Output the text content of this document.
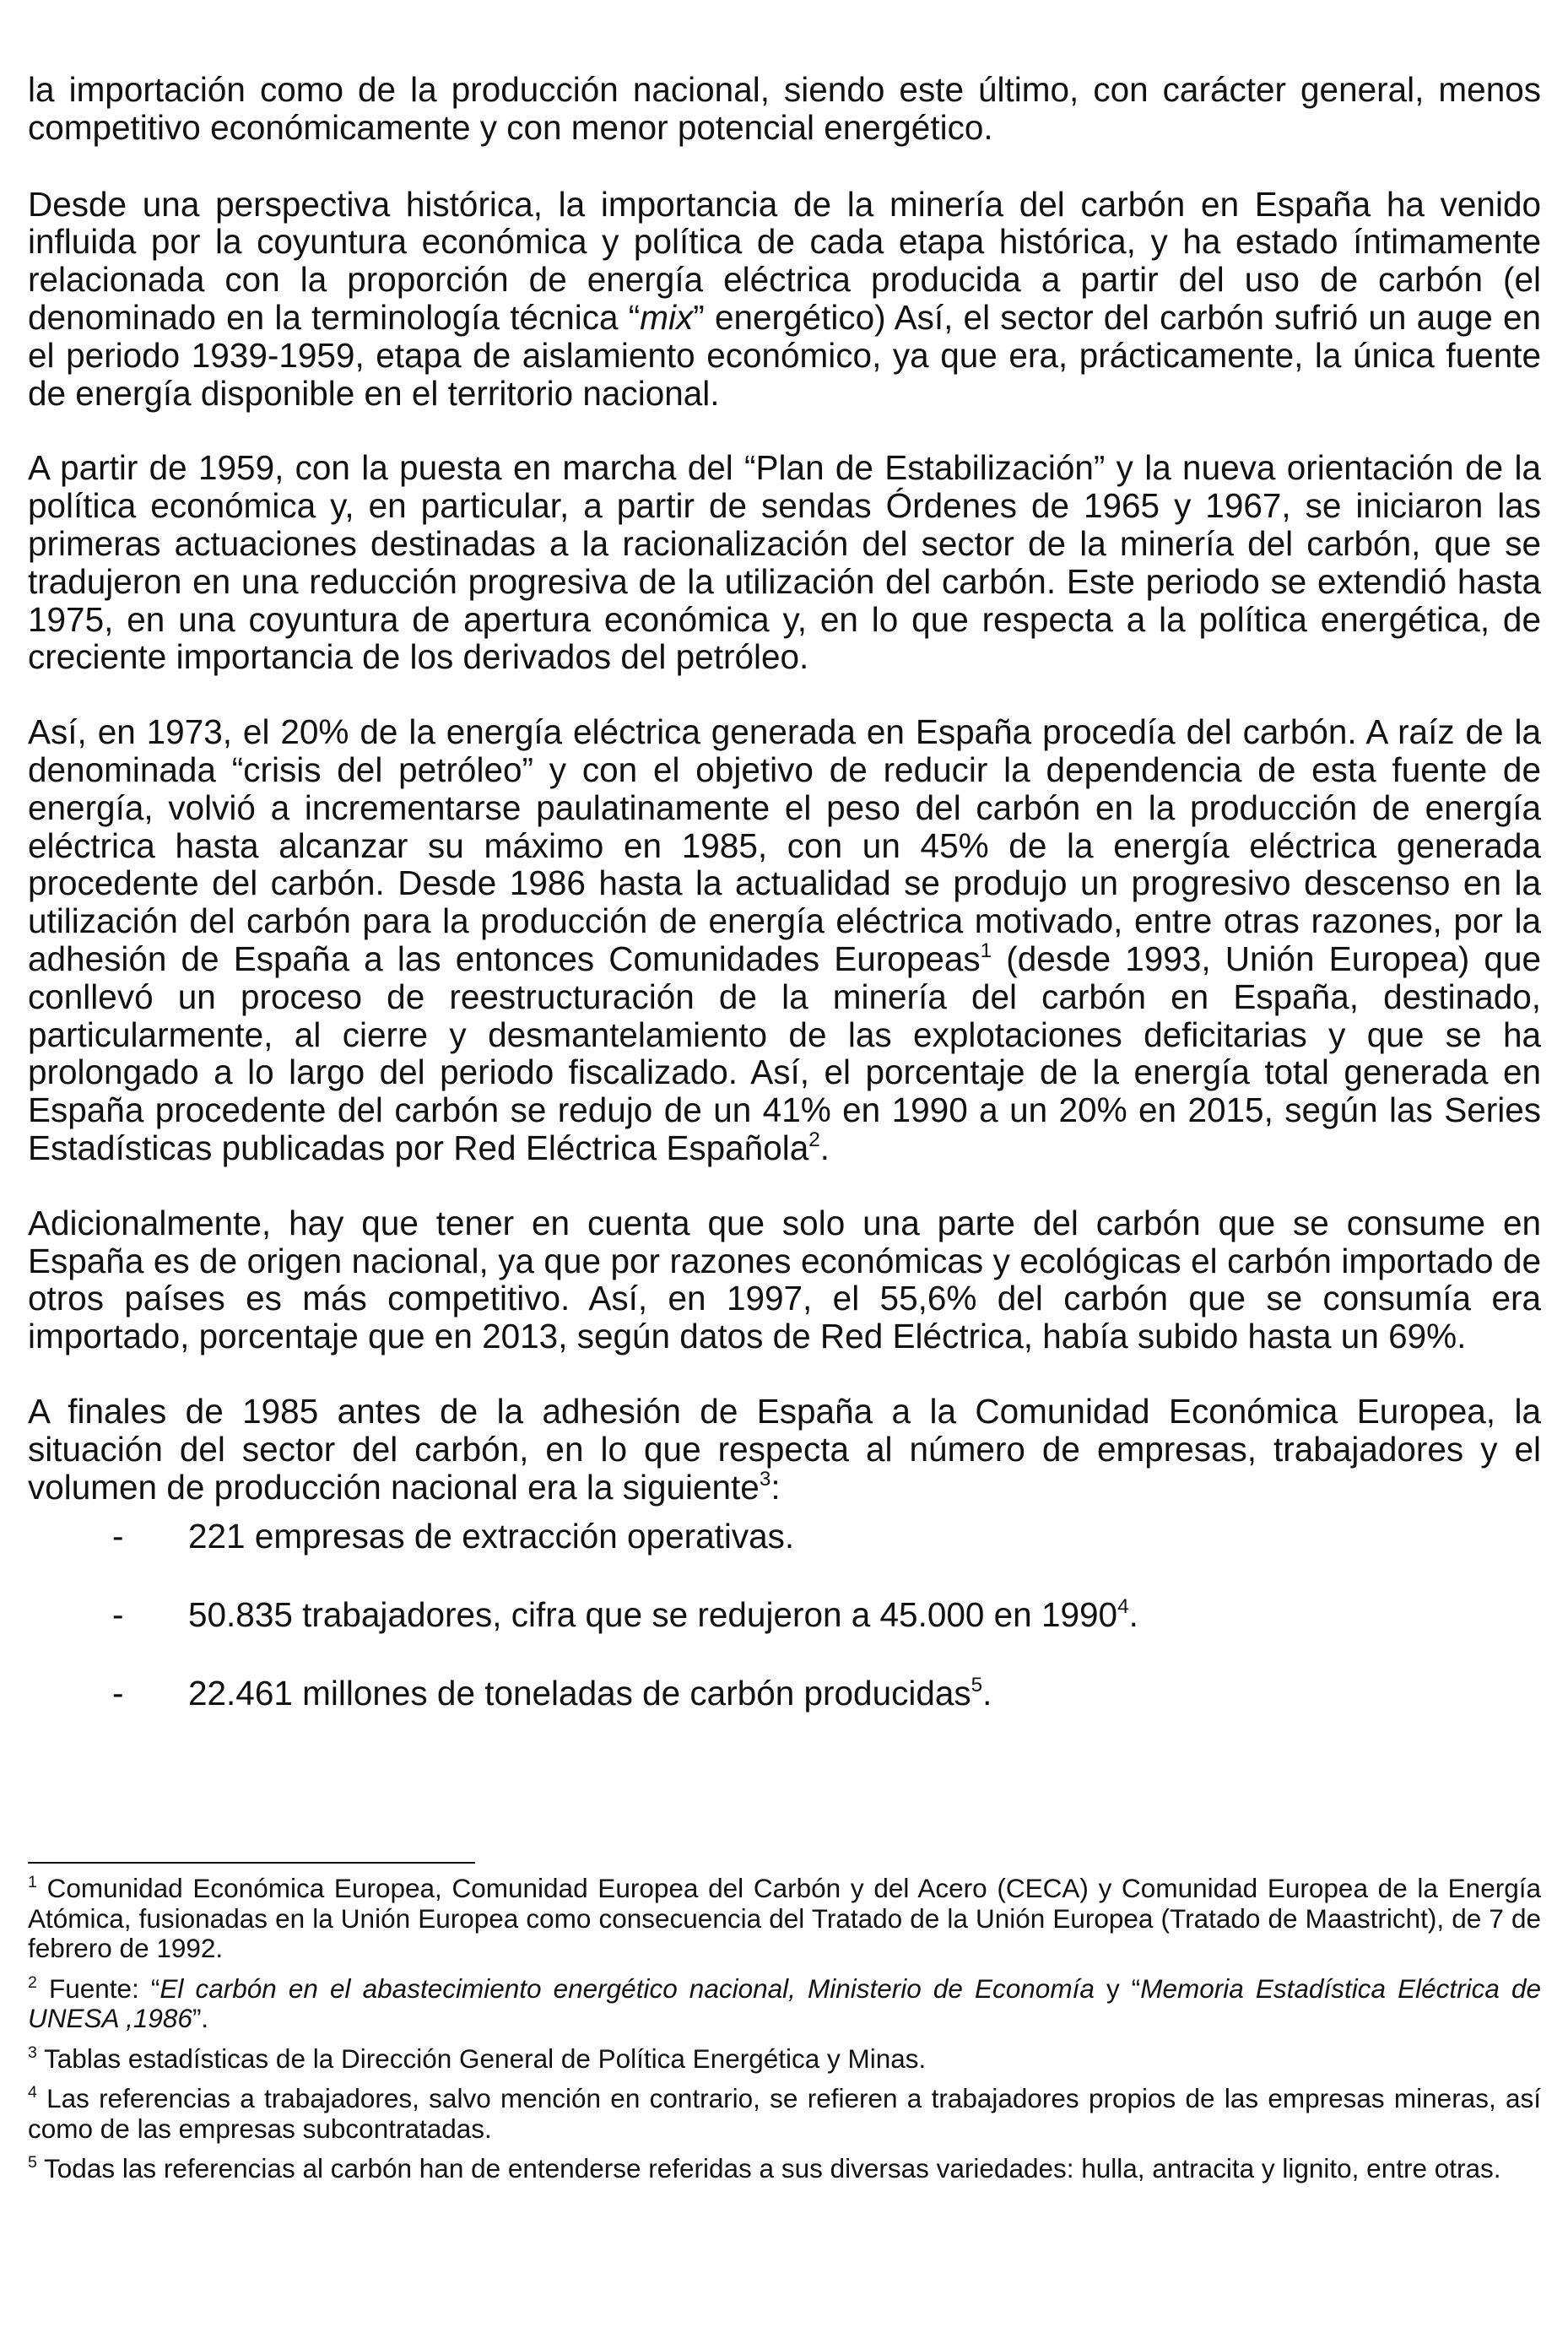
la importación como de la producción nacional, siendo este último, con carácter general, menos competitivo económicamente y con menor potencial energético.

Desde una perspectiva histórica, la importancia de la minería del carbón en España ha venido influida por la coyuntura económica y política de cada etapa histórica, y ha estado íntimamente relacionada con la proporción de energía eléctrica producida a partir del uso de carbón (el denominado en la terminología técnica “mix” energético) Así, el sector del carbón sufrió un auge en el periodo 1939-1959, etapa de aislamiento económico, ya que era, prácticamente, la única fuente de energía disponible en el territorio nacional.

A partir de 1959, con la puesta en marcha del “Plan de Estabilización” y la nueva orientación de la política económica y, en particular, a partir de sendas Órdenes de 1965 y 1967, se iniciaron las primeras actuaciones destinadas a la racionalización del sector de la minería del carbón, que se tradujeron en una reducción progresiva de la utilización del carbón. Este periodo se extendió hasta 1975, en una coyuntura de apertura económica y, en lo que respecta a la política energética, de creciente importancia de los derivados del petróleo.

Así, en 1973, el 20% de la energía eléctrica generada en España procedía del carbón. A raíz de la denominada “crisis del petróleo” y con el objetivo de reducir la dependencia de esta fuente de energía, volvió a incrementarse paulatinamente el peso del carbón en la producción de energía eléctrica hasta alcanzar su máximo en 1985, con un 45% de la energía eléctrica generada procedente del carbón. Desde 1986 hasta la actualidad se produjo un progresivo descenso en la utilización del carbón para la producción de energía eléctrica motivado, entre otras razones, por la adhesión de España a las entonces Comunidades Europeas$^1$ (desde 1993, Unión Europea) que conllevó un proceso de reestructuración de la minería del carbón en España, destinado, particularmente, al cierre y desmantelamiento de las explotaciones deficitarias y que se ha prolongado a lo largo del periodo fiscalizado. Así, el porcentaje de la energía total generada en España procedente del carbón se redujo de un 41% en 1990 a un 20% en 2015, según las Series Estadísticas publicadas por Red Eléctrica Española$^2$.

Adicionalmente, hay que tener en cuenta que solo una parte del carbón que se consume en España es de origen nacional, ya que por razones económicas y ecológicas el carbón importado de otros países es más competitivo. Así, en 1997, el 55,6% del carbón que se consumía era importado, porcentaje que en 2013, según datos de Red Eléctrica, había subido hasta un 69%.

A finales de 1985 antes de la adhesión de España a la Comunidad Económica Europea, la situación del sector del carbón, en lo que respecta al número de empresas, trabajadores y el volumen de producción nacional era la siguiente$^3$:

- 221 empresas de extracción operativas.
- 50.835 trabajadores, cifra que se redujeron a 45.000 en 1990$^4$.
- 22.461 millones de toneladas de carbón producidas$^5$.

$^1$ Comunidad Económica Europea, Comunidad Europea del Carbón y del Acero (CECA) y Comunidad Europea de la Energía Atómica, fusionadas en la Unión Europea como consecuencia del Tratado de la Unión Europea (Tratado de Maastricht), de 7 de febrero de 1992.

$^2$ Fuente: “El carbón en el abastecimiento energético nacional, Ministerio de Economía y “Memoria Estadística Eléctrica de UNESA ,1986”.

$^3$ Tablas estadísticas de la Dirección General de Política Energética y Minas.

$^4$ Las referencias a trabajadores, salvo mención en contrario, se refieren a trabajadores propios de las empresas mineras, así como de las empresas subcontratadas.

$^5$ Todas las referencias al carbón han de entenderse referidas a sus diversas variedades: hulla, antracita y lignito, entre otras.
